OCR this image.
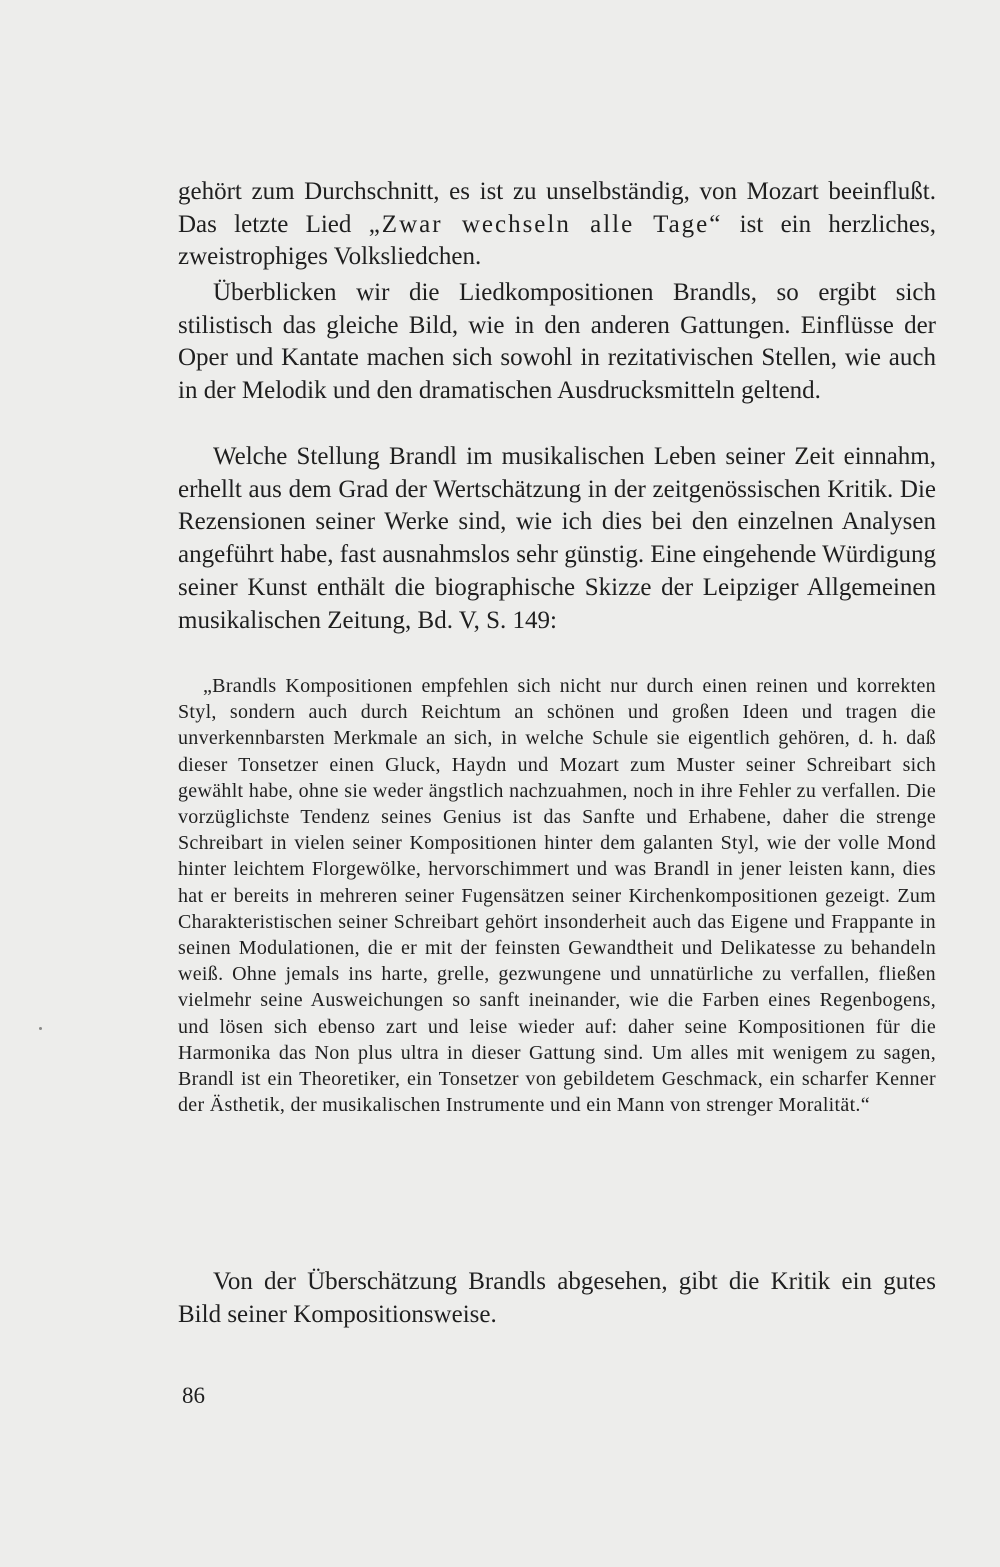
gehört zum Durchschnitt, es ist zu unselbständig, von Mozart beeinflußt. Das letzte Lied „Zwar wechseln alle Tage“ ist ein herzliches, zweistrophiges Volksliedchen.

Überblicken wir die Liedkompositionen Brandls, so ergibt sich stilistisch das gleiche Bild, wie in den anderen Gattungen. Einflüsse der Oper und Kantate machen sich sowohl in rezitativischen Stellen, wie auch in der Melodik und den dramatischen Ausdrucksmitteln geltend.

Welche Stellung Brandl im musikalischen Leben seiner Zeit einnahm, erhellt aus dem Grad der Wertschätzung in der zeitgenössischen Kritik. Die Rezensionen seiner Werke sind, wie ich dies bei den einzelnen Analysen angeführt habe, fast ausnahmslos sehr günstig. Eine eingehende Würdigung seiner Kunst enthält die biographische Skizze der Leipziger Allgemeinen musikalischen Zeitung, Bd. V, S. 149:

„Brandls Kompositionen empfehlen sich nicht nur durch einen reinen und korrekten Styl, sondern auch durch Reichtum an schönen und großen Ideen und tragen die unverkennbarsten Merkmale an sich, in welche Schule sie eigentlich gehören, d. h. daß dieser Tonsetzer einen Gluck, Haydn und Mozart zum Muster seiner Schreibart sich gewählt habe, ohne sie weder ängstlich nachzuahmen, noch in ihre Fehler zu verfallen. Die vorzüglichste Tendenz seines Genius ist das Sanfte und Erhabene, daher die strenge Schreibart in vielen seiner Kompositionen hinter dem galanten Styl, wie der volle Mond hinter leichtem Florgewölke, hervorschimmert und was Brandl in jener leisten kann, dies hat er bereits in mehreren seiner Fugensätzen seiner Kirchenkompositionen gezeigt. Zum Charakteristischen seiner Schreibart gehört insonderheit auch das Eigene und Frappante in seinen Modulationen, die er mit der feinsten Gewandtheit und Delikatesse zu behandeln weiß. Ohne jemals ins harte, grelle, gezwungene und unnatürliche zu verfallen, fließen vielmehr seine Ausweichungen so sanft ineinander, wie die Farben eines Regenbogens, und lösen sich ebenso zart und leise wieder auf: daher seine Kompositionen für die Harmonika das Non plus ultra in dieser Gattung sind. Um alles mit wenigem zu sagen, Brandl ist ein Theoretiker, ein Tonsetzer von gebildetem Geschmack, ein scharfer Kenner der Ästhetik, der musikalischen Instrumente und ein Mann von strenger Moralität.“

Von der Überschätzung Brandls abgesehen, gibt die Kritik ein gutes Bild seiner Kompositionsweise.

86
